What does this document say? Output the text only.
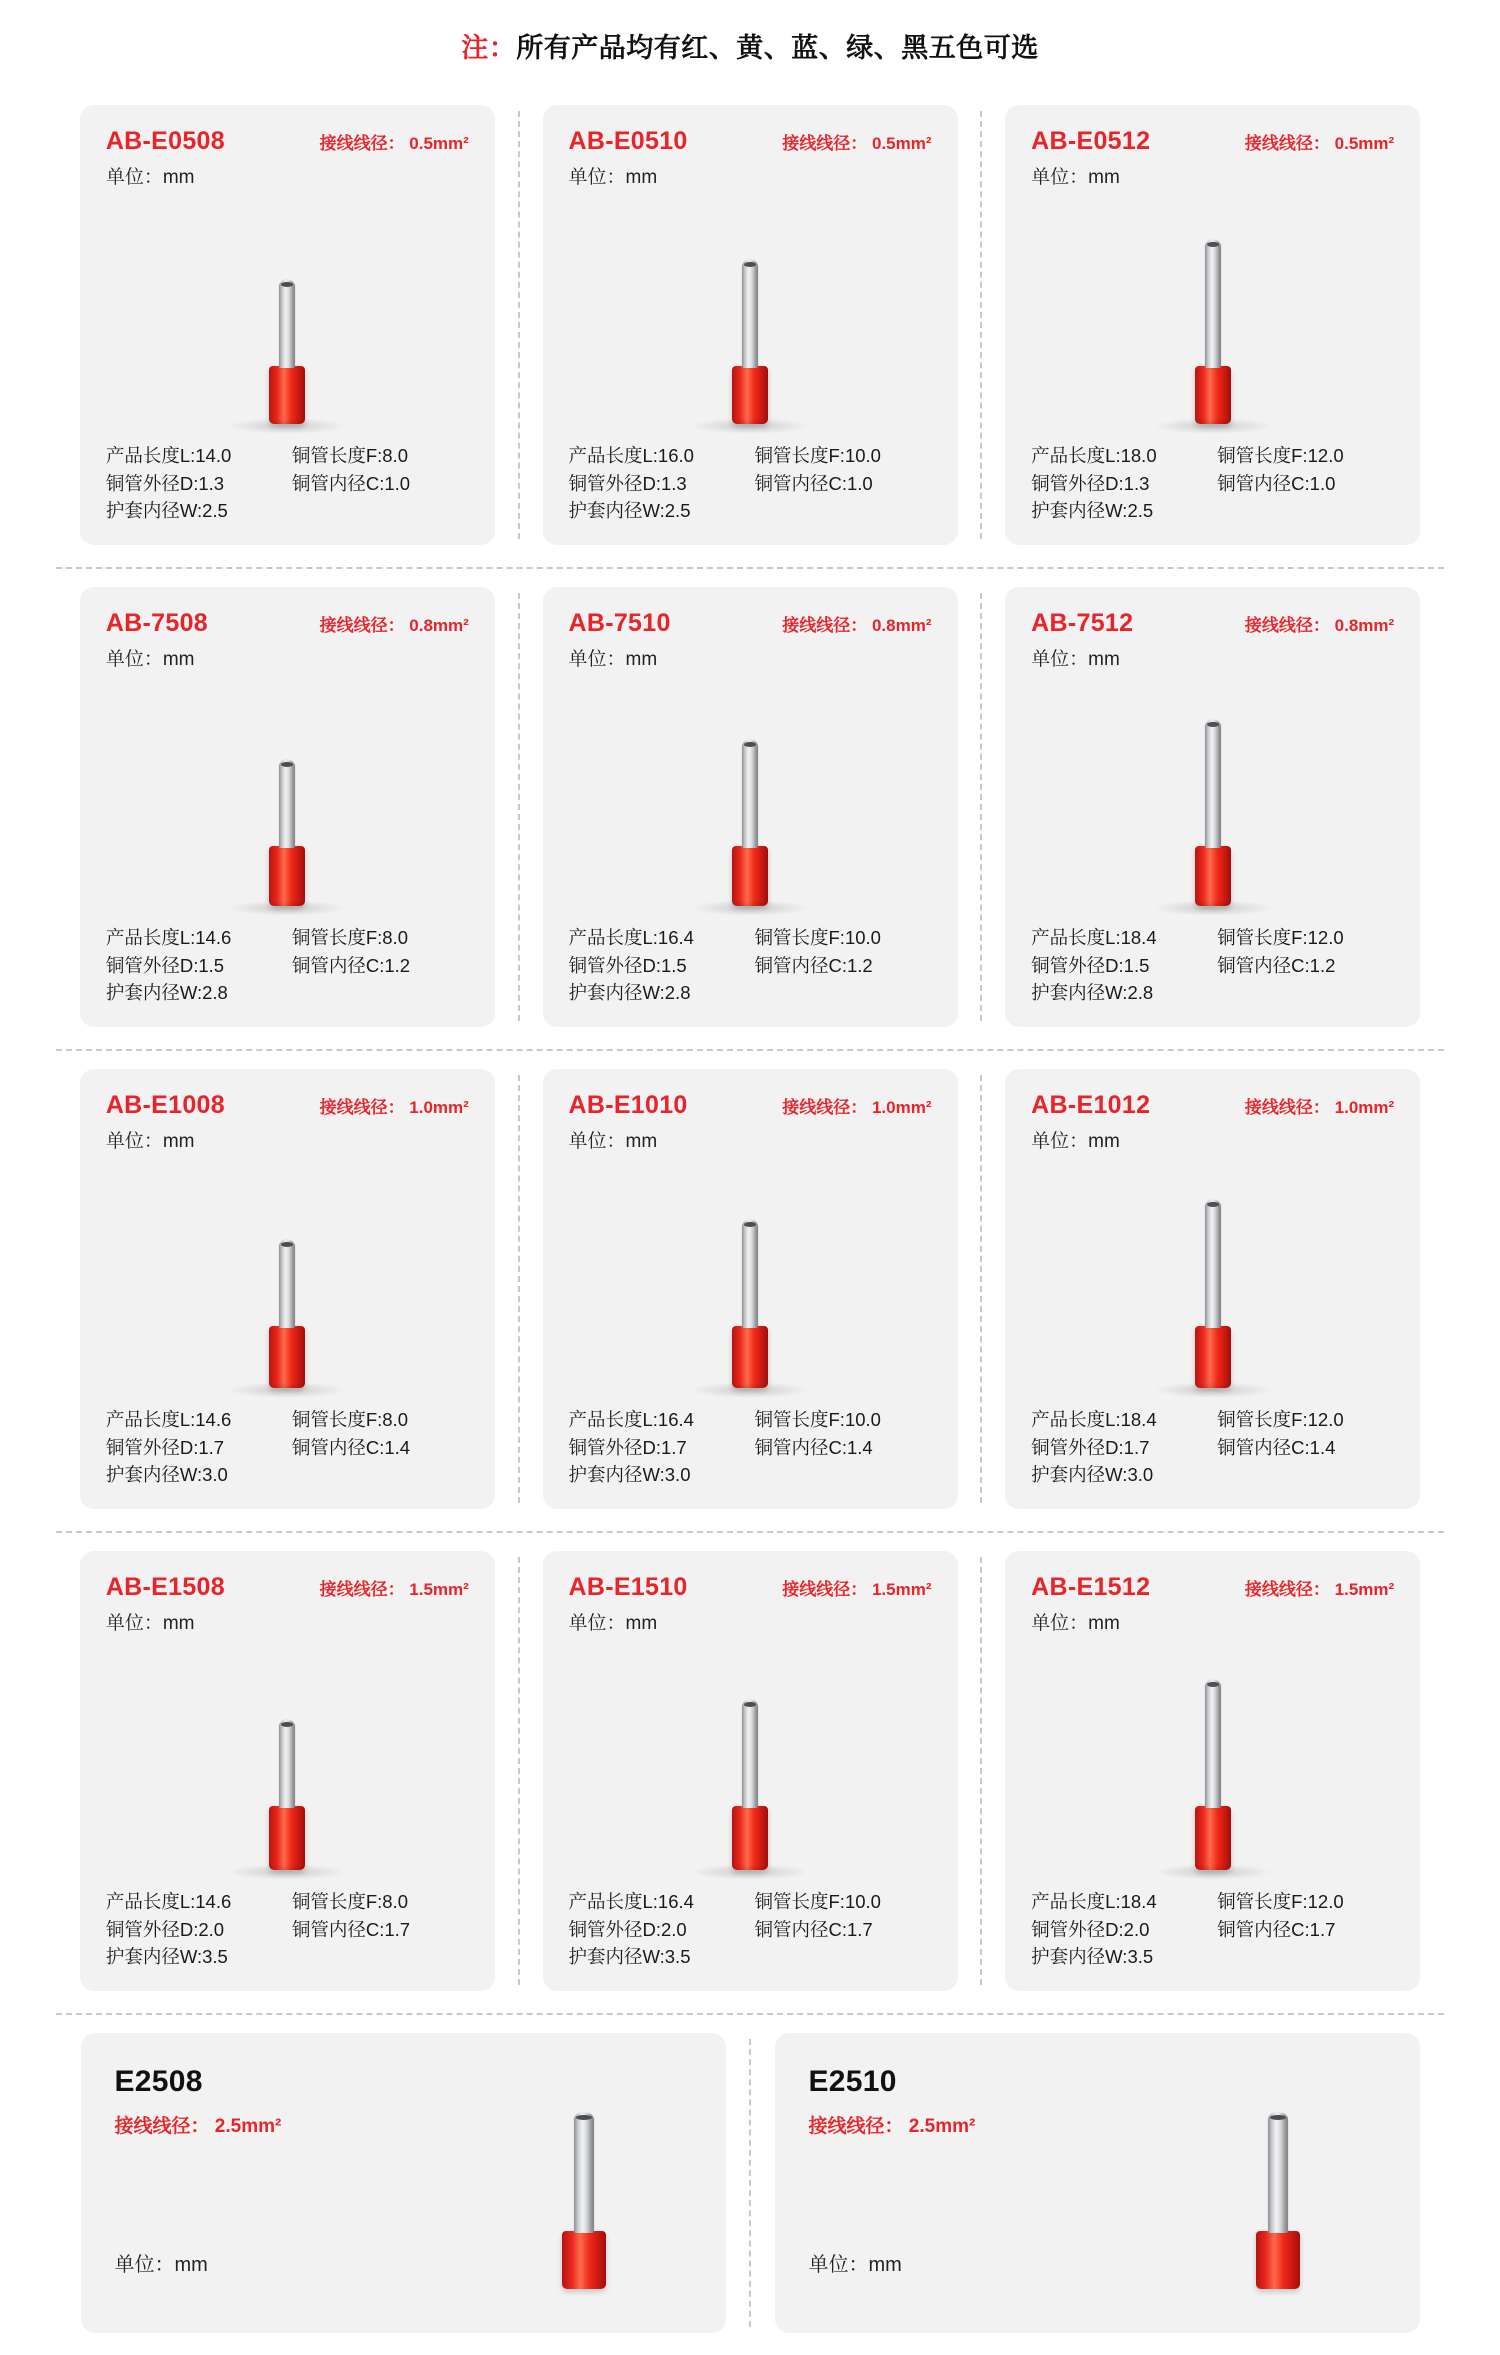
注：所有产品均有红、黄、蓝、绿、黑五色可选
AB-E0508	接线线径： 0.5mm²
单位：mm
产品长度L:14.0	铜管长度F:8.0
铜管外径D:1.3	铜管内径C:1.0
护套内径W:2.5
AB-E0510	接线线径： 0.5mm²
单位：mm
产品长度L:16.0	铜管长度F:10.0
铜管外径D:1.3	铜管内径C:1.0
护套内径W:2.5
AB-E0512	接线线径： 0.5mm²
单位：mm
产品长度L:18.0	铜管长度F:12.0
铜管外径D:1.3	铜管内径C:1.0
护套内径W:2.5
AB-7508	接线线径： 0.8mm²
单位：mm
产品长度L:14.6	铜管长度F:8.0
铜管外径D:1.5	铜管内径C:1.2
护套内径W:2.8
AB-7510	接线线径： 0.8mm²
单位：mm
产品长度L:16.4	铜管长度F:10.0
铜管外径D:1.5	铜管内径C:1.2
护套内径W:2.8
AB-7512	接线线径： 0.8mm²
单位：mm
产品长度L:18.4	铜管长度F:12.0
铜管外径D:1.5	铜管内径C:1.2
护套内径W:2.8
AB-E1008	接线线径： 1.0mm²
单位：mm
产品长度L:14.6	铜管长度F:8.0
铜管外径D:1.7	铜管内径C:1.4
护套内径W:3.0
AB-E1010	接线线径： 1.0mm²
单位：mm
产品长度L:16.4	铜管长度F:10.0
铜管外径D:1.7	铜管内径C:1.4
护套内径W:3.0
AB-E1012	接线线径： 1.0mm²
单位：mm
产品长度L:18.4	铜管长度F:12.0
铜管外径D:1.7	铜管内径C:1.4
护套内径W:3.0
AB-E1508	接线线径： 1.5mm²
单位：mm
产品长度L:14.6	铜管长度F:8.0
铜管外径D:2.0	铜管内径C:1.7
护套内径W:3.5
AB-E1510	接线线径： 1.5mm²
单位：mm
产品长度L:16.4	铜管长度F:10.0
铜管外径D:2.0	铜管内径C:1.7
护套内径W:3.5
AB-E1512	接线线径： 1.5mm²
单位：mm
产品长度L:18.4	铜管长度F:12.0
铜管外径D:2.0	铜管内径C:1.7
护套内径W:3.5
E2508
接线线径： 2.5mm²
单位：mm
E2510
接线线径： 2.5mm²
单位：mm
